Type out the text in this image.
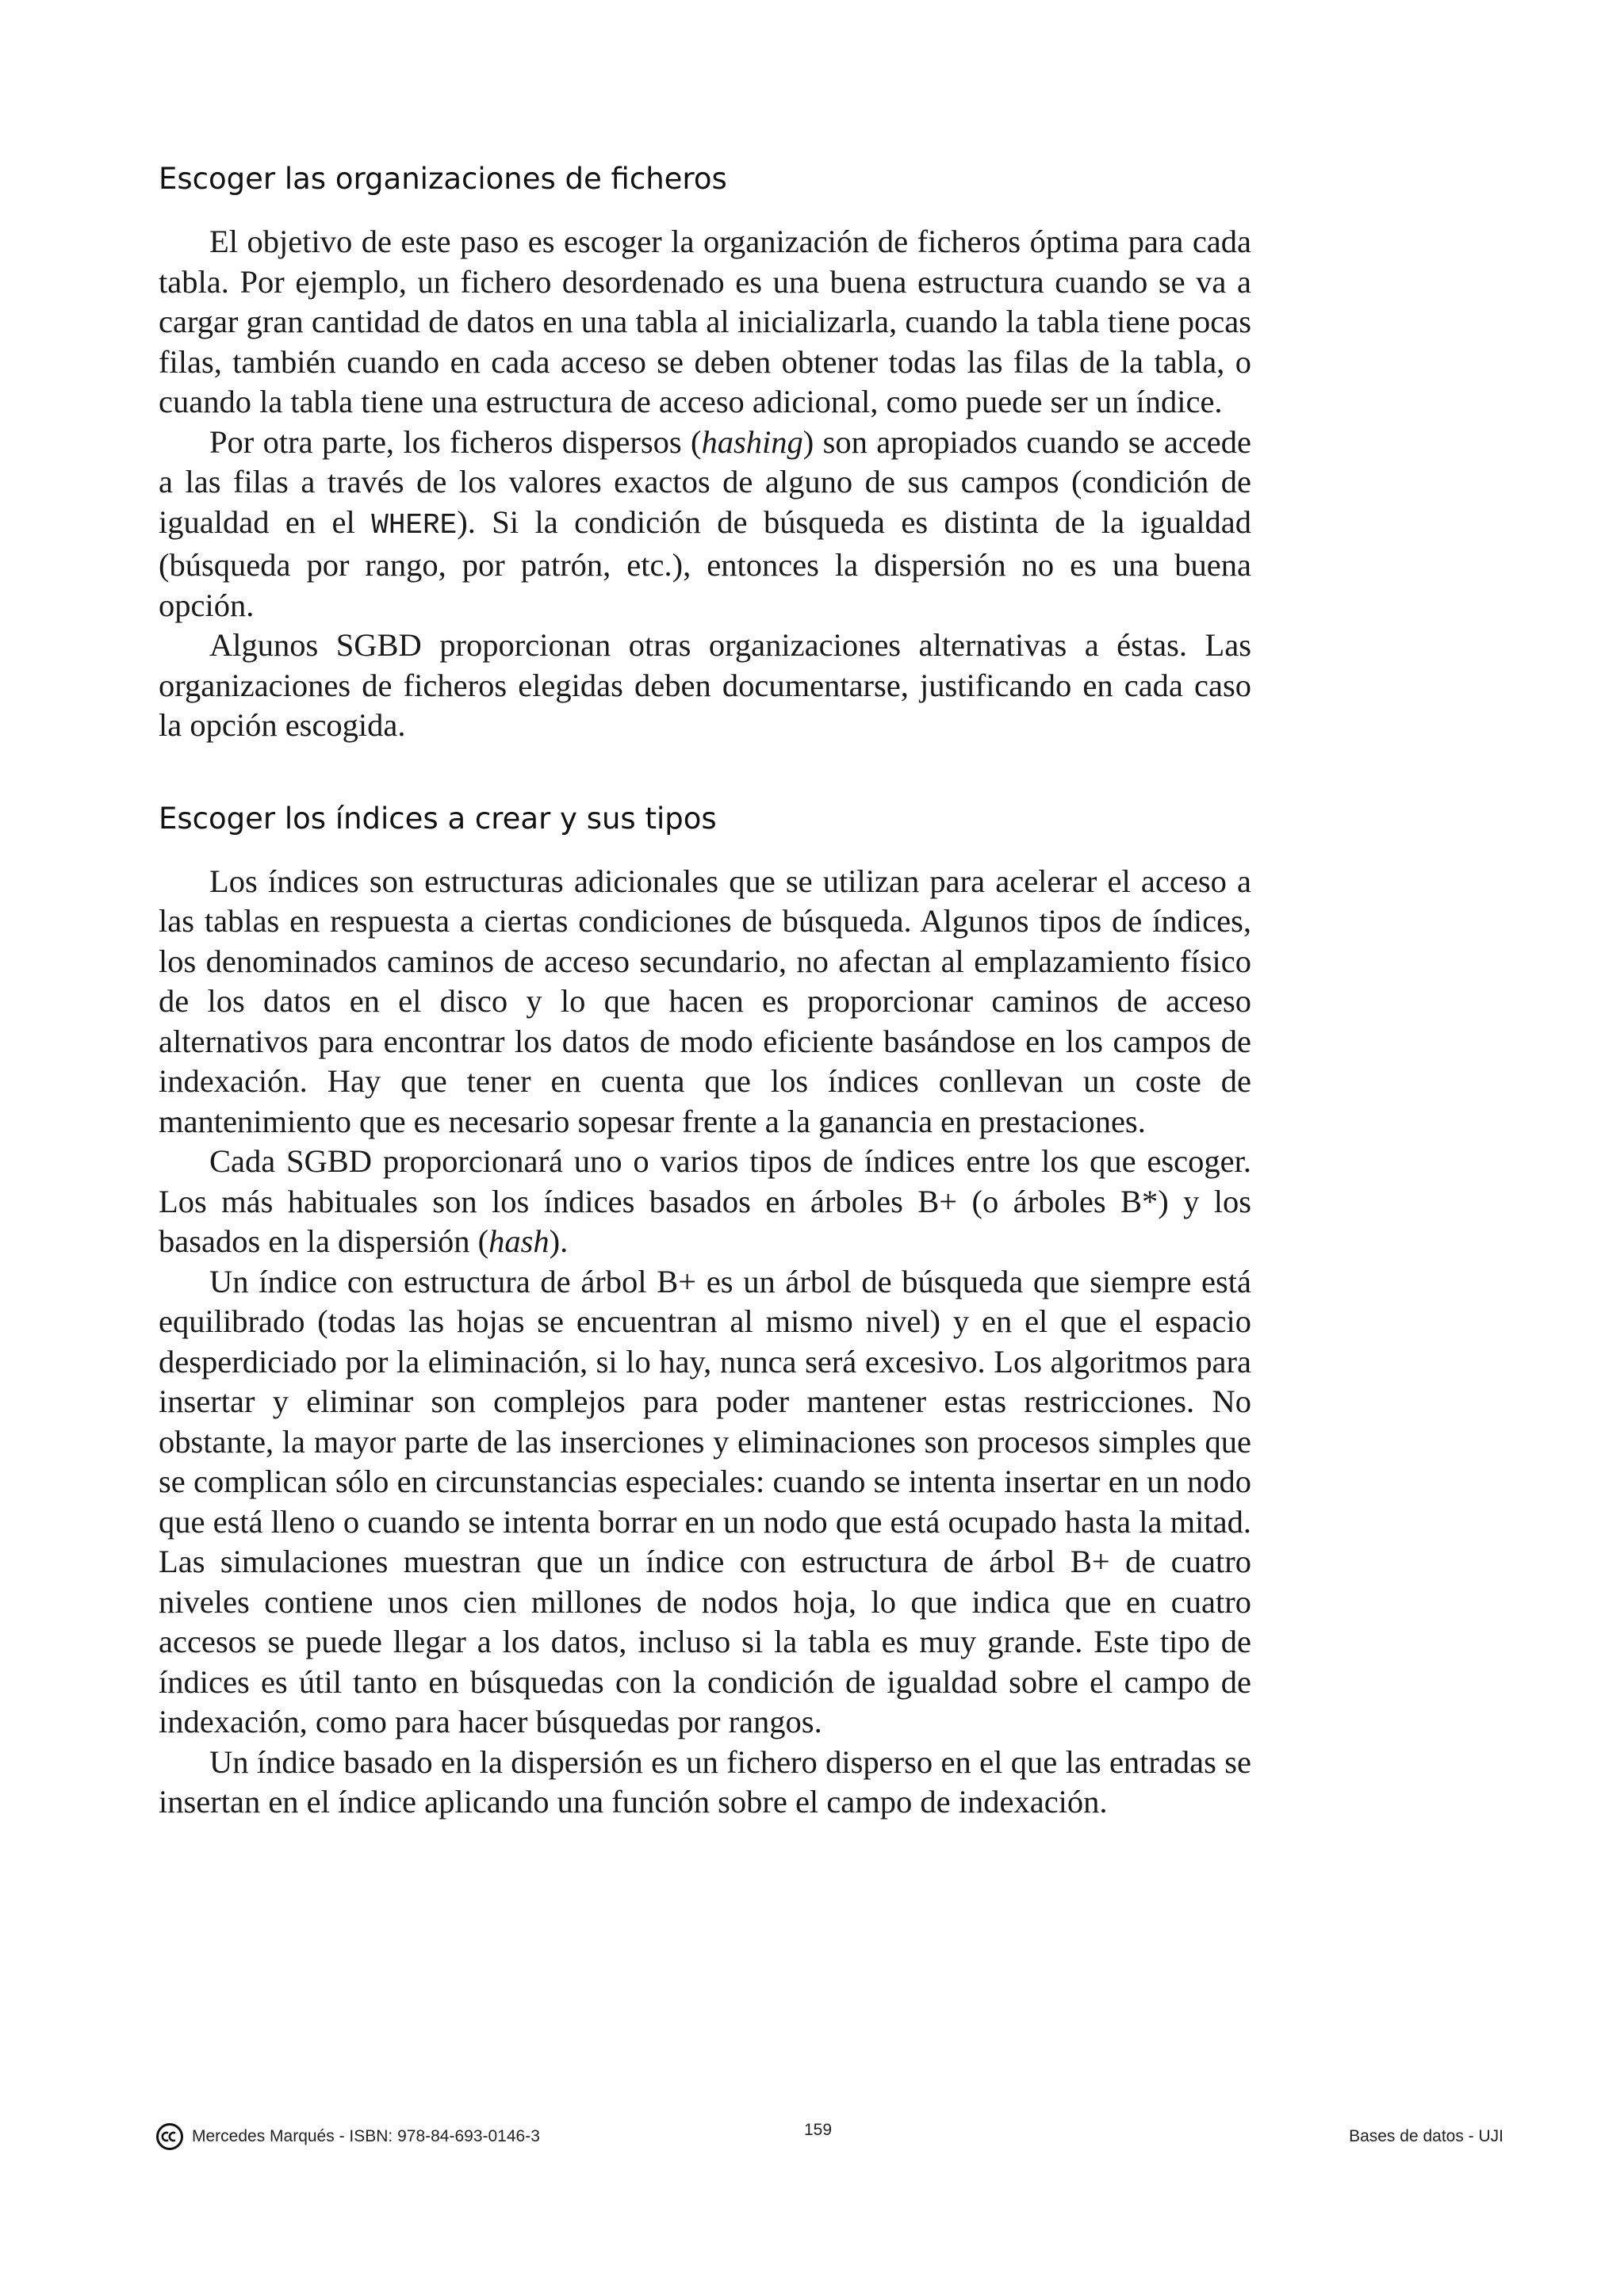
Escoger las organizaciones de ficheros

El objetivo de este paso es escoger la organización de ficheros óptima para cada tabla. Por ejemplo, un fichero desordenado es una buena estructura cuando se va a cargar gran cantidad de datos en una tabla al inicializarla, cuando la tabla tiene pocas filas, también cuando en cada acceso se deben obtener todas las filas de la tabla, o cuando la tabla tiene una estructura de acceso adicional, como puede ser un índice.

Por otra parte, los ficheros dispersos (hashing) son apropiados cuando se accede a las filas a través de los valores exactos de alguno de sus campos (condición de igualdad en el WHERE). Si la condición de búsqueda es distinta de la igualdad (búsqueda por rango, por patrón, etc.), entonces la dispersión no es una buena opción.

Algunos SGBD proporcionan otras organizaciones alternativas a éstas. Las organizaciones de ficheros elegidas deben documentarse, justificando en cada caso la opción escogida.

Escoger los índices a crear y sus tipos

Los índices son estructuras adicionales que se utilizan para acelerar el acceso a las tablas en respuesta a ciertas condiciones de búsqueda. Algunos tipos de índices, los denominados caminos de acceso secundario, no afectan al emplazamiento físico de los datos en el disco y lo que hacen es proporcionar caminos de acceso alternativos para encontrar los datos de modo eficiente basándose en los campos de indexación. Hay que tener en cuenta que los índices conllevan un coste de mantenimiento que es necesario sopesar frente a la ganancia en prestaciones.

Cada SGBD proporcionará uno o varios tipos de índices entre los que escoger. Los más habituales son los índices basados en árboles B+ (o árboles B*) y los basados en la dispersión (hash).

Un índice con estructura de árbol B+ es un árbol de búsqueda que siempre está equilibrado (todas las hojas se encuentran al mismo nivel) y en el que el espacio desperdiciado por la eliminación, si lo hay, nunca será excesivo. Los algoritmos para insertar y eliminar son complejos para poder mantener estas restricciones. No obstante, la mayor parte de las inserciones y eliminaciones son procesos simples que se complican sólo en circunstancias especiales: cuando se intenta insertar en un nodo que está lleno o cuando se intenta borrar en un nodo que está ocupado hasta la mitad. Las simulaciones muestran que un índice con estructura de árbol B+ de cuatro niveles contiene unos cien millones de nodos hoja, lo que indica que en cuatro accesos se puede llegar a los datos, incluso si la tabla es muy grande. Este tipo de índices es útil tanto en búsquedas con la condición de igualdad sobre el campo de indexación, como para hacer búsquedas por rangos.

Un índice basado en la dispersión es un fichero disperso en el que las entradas se insertan en el índice aplicando una función sobre el campo de indexación.

Mercedes Marqués - ISBN: 978-84-693-0146-3	159	Bases de datos - UJI
